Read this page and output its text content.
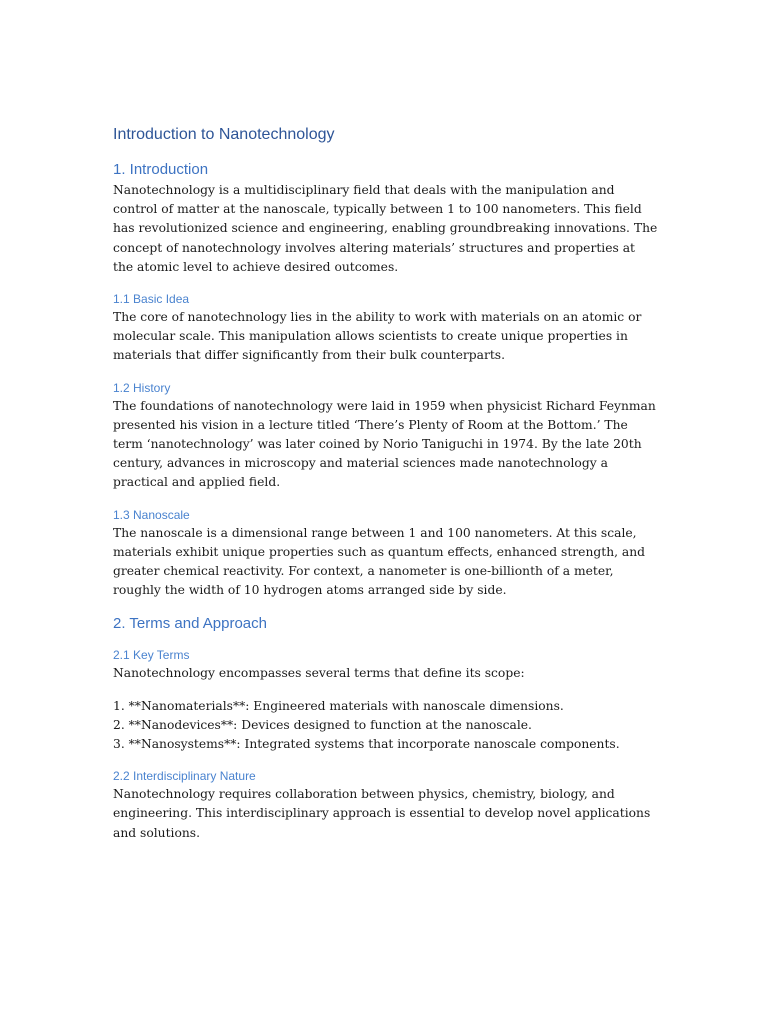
Introduction to Nanotechnology
1. Introduction

Nanotechnology is a multidisciplinary field that deals with the manipulation and control of matter at the nanoscale, typically between 1 to 100 nanometers. This field has revolutionized science and engineering, enabling groundbreaking innovations. The concept of nanotechnology involves altering materials’ structures and properties at the atomic level to achieve desired outcomes.

1.1 Basic Idea

The core of nanotechnology lies in the ability to work with materials on an atomic or molecular scale. This manipulation allows scientists to create unique properties in materials that differ significantly from their bulk counterparts.

1.2 History

The foundations of nanotechnology were laid in 1959 when physicist Richard Feynman presented his vision in a lecture titled ‘There’s Plenty of Room at the Bottom.’ The term ‘nanotechnology’ was later coined by Norio Taniguchi in 1974. By the late 20th century, advances in microscopy and material sciences made nanotechnology a practical and applied field.

1.3 Nanoscale

The nanoscale is a dimensional range between 1 and 100 nanometers. At this scale, materials exhibit unique properties such as quantum effects, enhanced strength, and greater chemical reactivity. For context, a nanometer is one-billionth of a meter, roughly the width of 10 hydrogen atoms arranged side by side.

2. Terms and Approach
2.1 Key Terms

Nanotechnology encompasses several terms that define its scope:

1. **Nanomaterials**: Engineered materials with nanoscale dimensions.
2. **Nanodevices**: Devices designed to function at the nanoscale.
3. **Nanosystems**: Integrated systems that incorporate nanoscale components.
2.2 Interdisciplinary Nature

Nanotechnology requires collaboration between physics, chemistry, biology, and engineering. This interdisciplinary approach is essential to develop novel applications and solutions.
